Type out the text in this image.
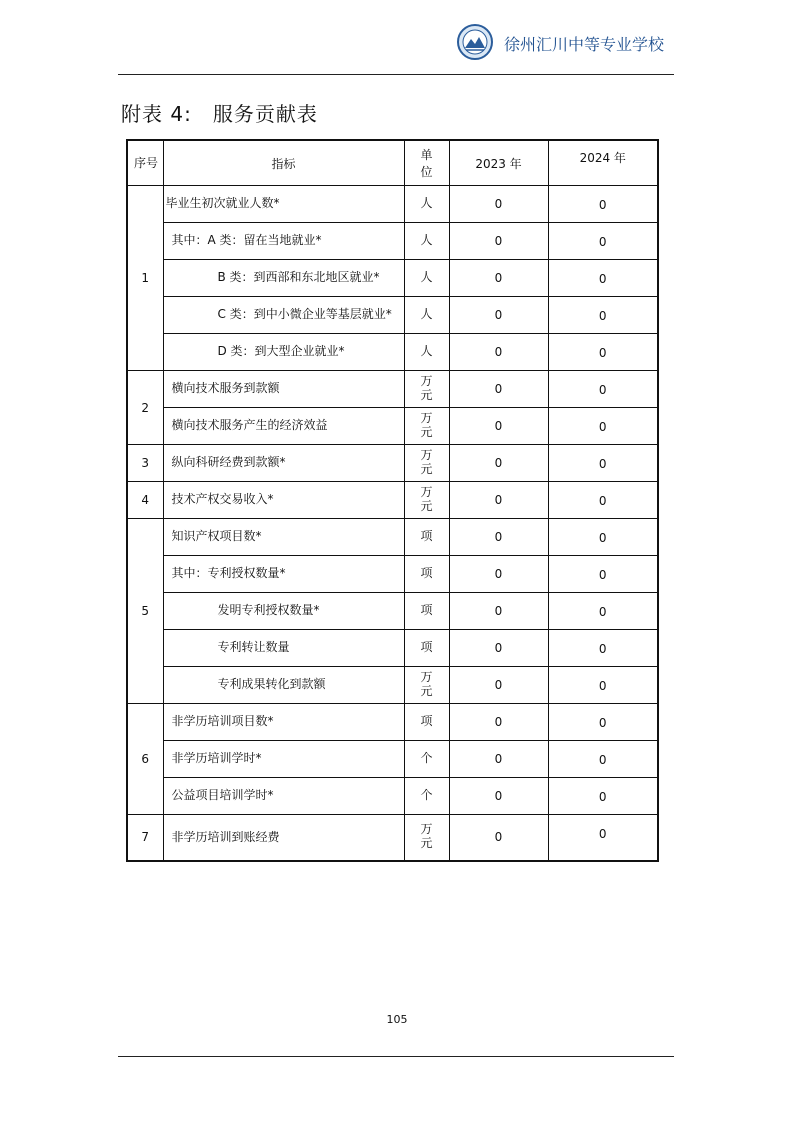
徐州汇川中等专业学校
附表 4:　服务贡献表
序号	指标	单位	2023 年	2024 年
1	毕业生初次就业人数*	人	0	0
	其中：A 类：留在当地就业*	人	0	0
	B 类：到西部和东北地区就业*	人	0	0
	C 类：到中小微企业等基层就业*	人	0	0
	D 类：到大型企业就业*	人	0	0
2	横向技术服务到款额	万元	0	0
	横向技术服务产生的经济效益	万元	0	0
3	纵向科研经费到款额*	万元	0	0
4	技术产权交易收入*	万元	0	0
5	知识产权项目数*	项	0	0
	其中：专利授权数量*	项	0	0
	发明专利授权数量*	项	0	0
	专利转让数量	项	0	0
	专利成果转化到款额	万元	0	0
6	非学历培训项目数*	项	0	0
	非学历培训学时*	个	0	0
	公益项目培训学时*	个	0	0
7	非学历培训到账经费	万元	0	0
105
